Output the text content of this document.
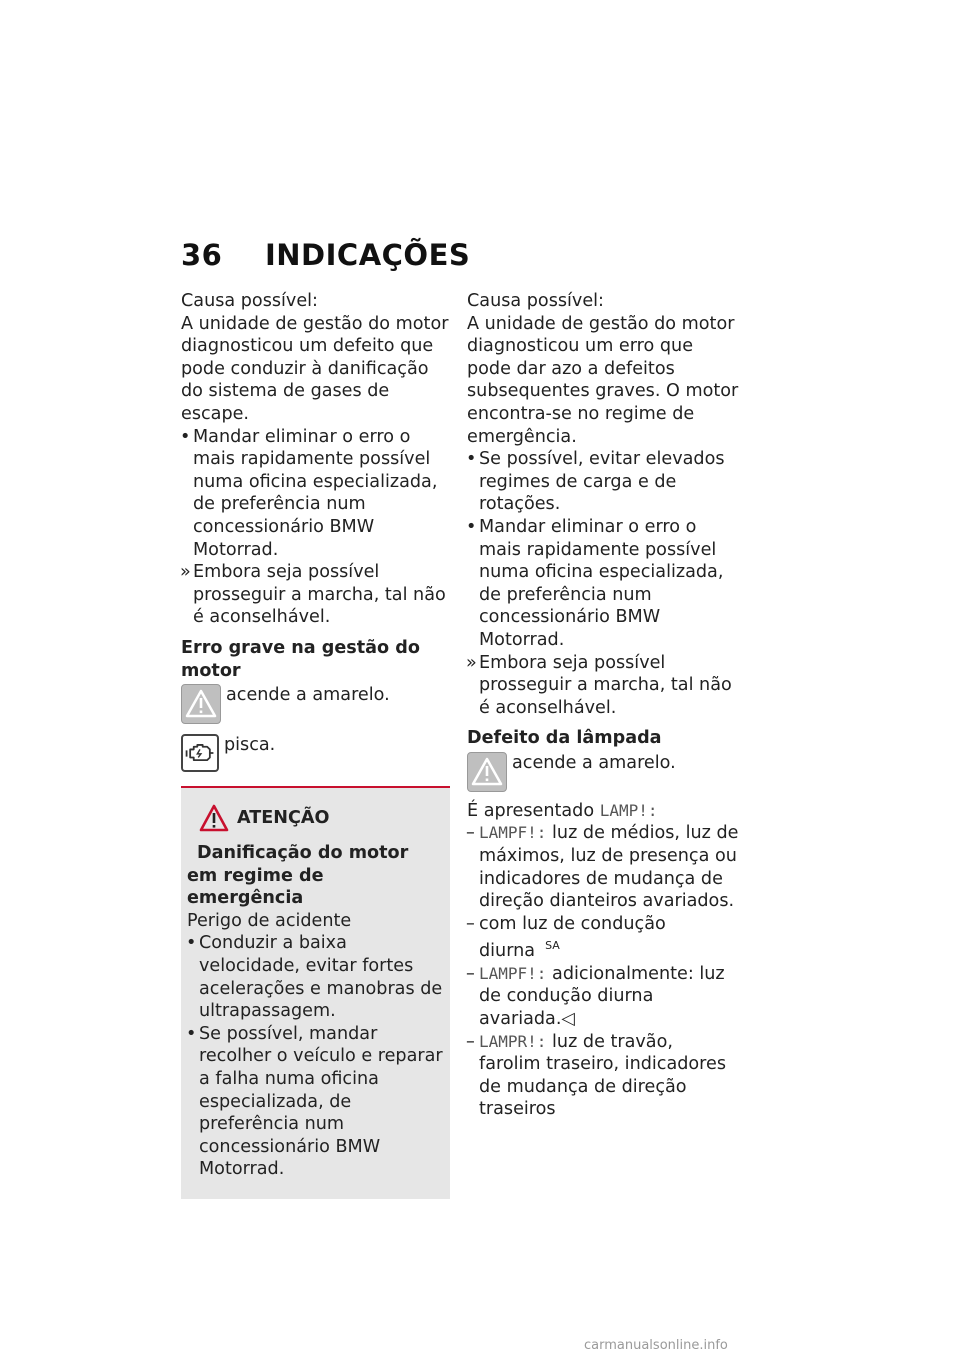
36 INDICAÇÕES

Causa possível:

A unidade de gestão do motor diagnosticou um defeito que pode conduzir à danificação do sistema de gases de escape.

• Mandar eliminar o erro o mais rapidamente possível numa oficina especializada, de preferência num concessionário BMW Motorrad.

» Embora seja possível prosseguir a marcha, tal não é aconselhável.

Erro grave na gestão do motor

acende a amarelo.
pisca.
ATENÇÃO

Danificação do motor em regime de emergência

Perigo de acidente

• Conduzir a baixa velocidade, evitar fortes acelerações e manobras de ultrapassagem.

• Se possível, mandar recolher o veículo e reparar a falha numa oficina especializada, de preferência num concessionário BMW Motorrad.

Causa possível:

A unidade de gestão do motor diagnosticou um erro que pode dar azo a defeitos subsequentes graves. O motor encontra-se no regime de emergência.

• Se possível, evitar elevados regimes de carga e de rotações.

• Mandar eliminar o erro o mais rapidamente possível numa oficina especializada, de preferência num concessionário BMW Motorrad.

» Embora seja possível prosseguir a marcha, tal não é aconselhável.

Defeito da lâmpada

acende a amarelo.

É apresentado LAMP!:

– LAMPF!: luz de médios, luz de máximos, luz de presença ou indicadores de mudança de direção dianteiros avariados.

– com luz de condução diurna $^{SA}$

– LAMPF!: adicionalmente: luz de condução diurna avariada.◁

– LAMPR!: luz de travão, farolim traseiro, indicadores de mudança de direção traseiros

carmanualsonline.info
